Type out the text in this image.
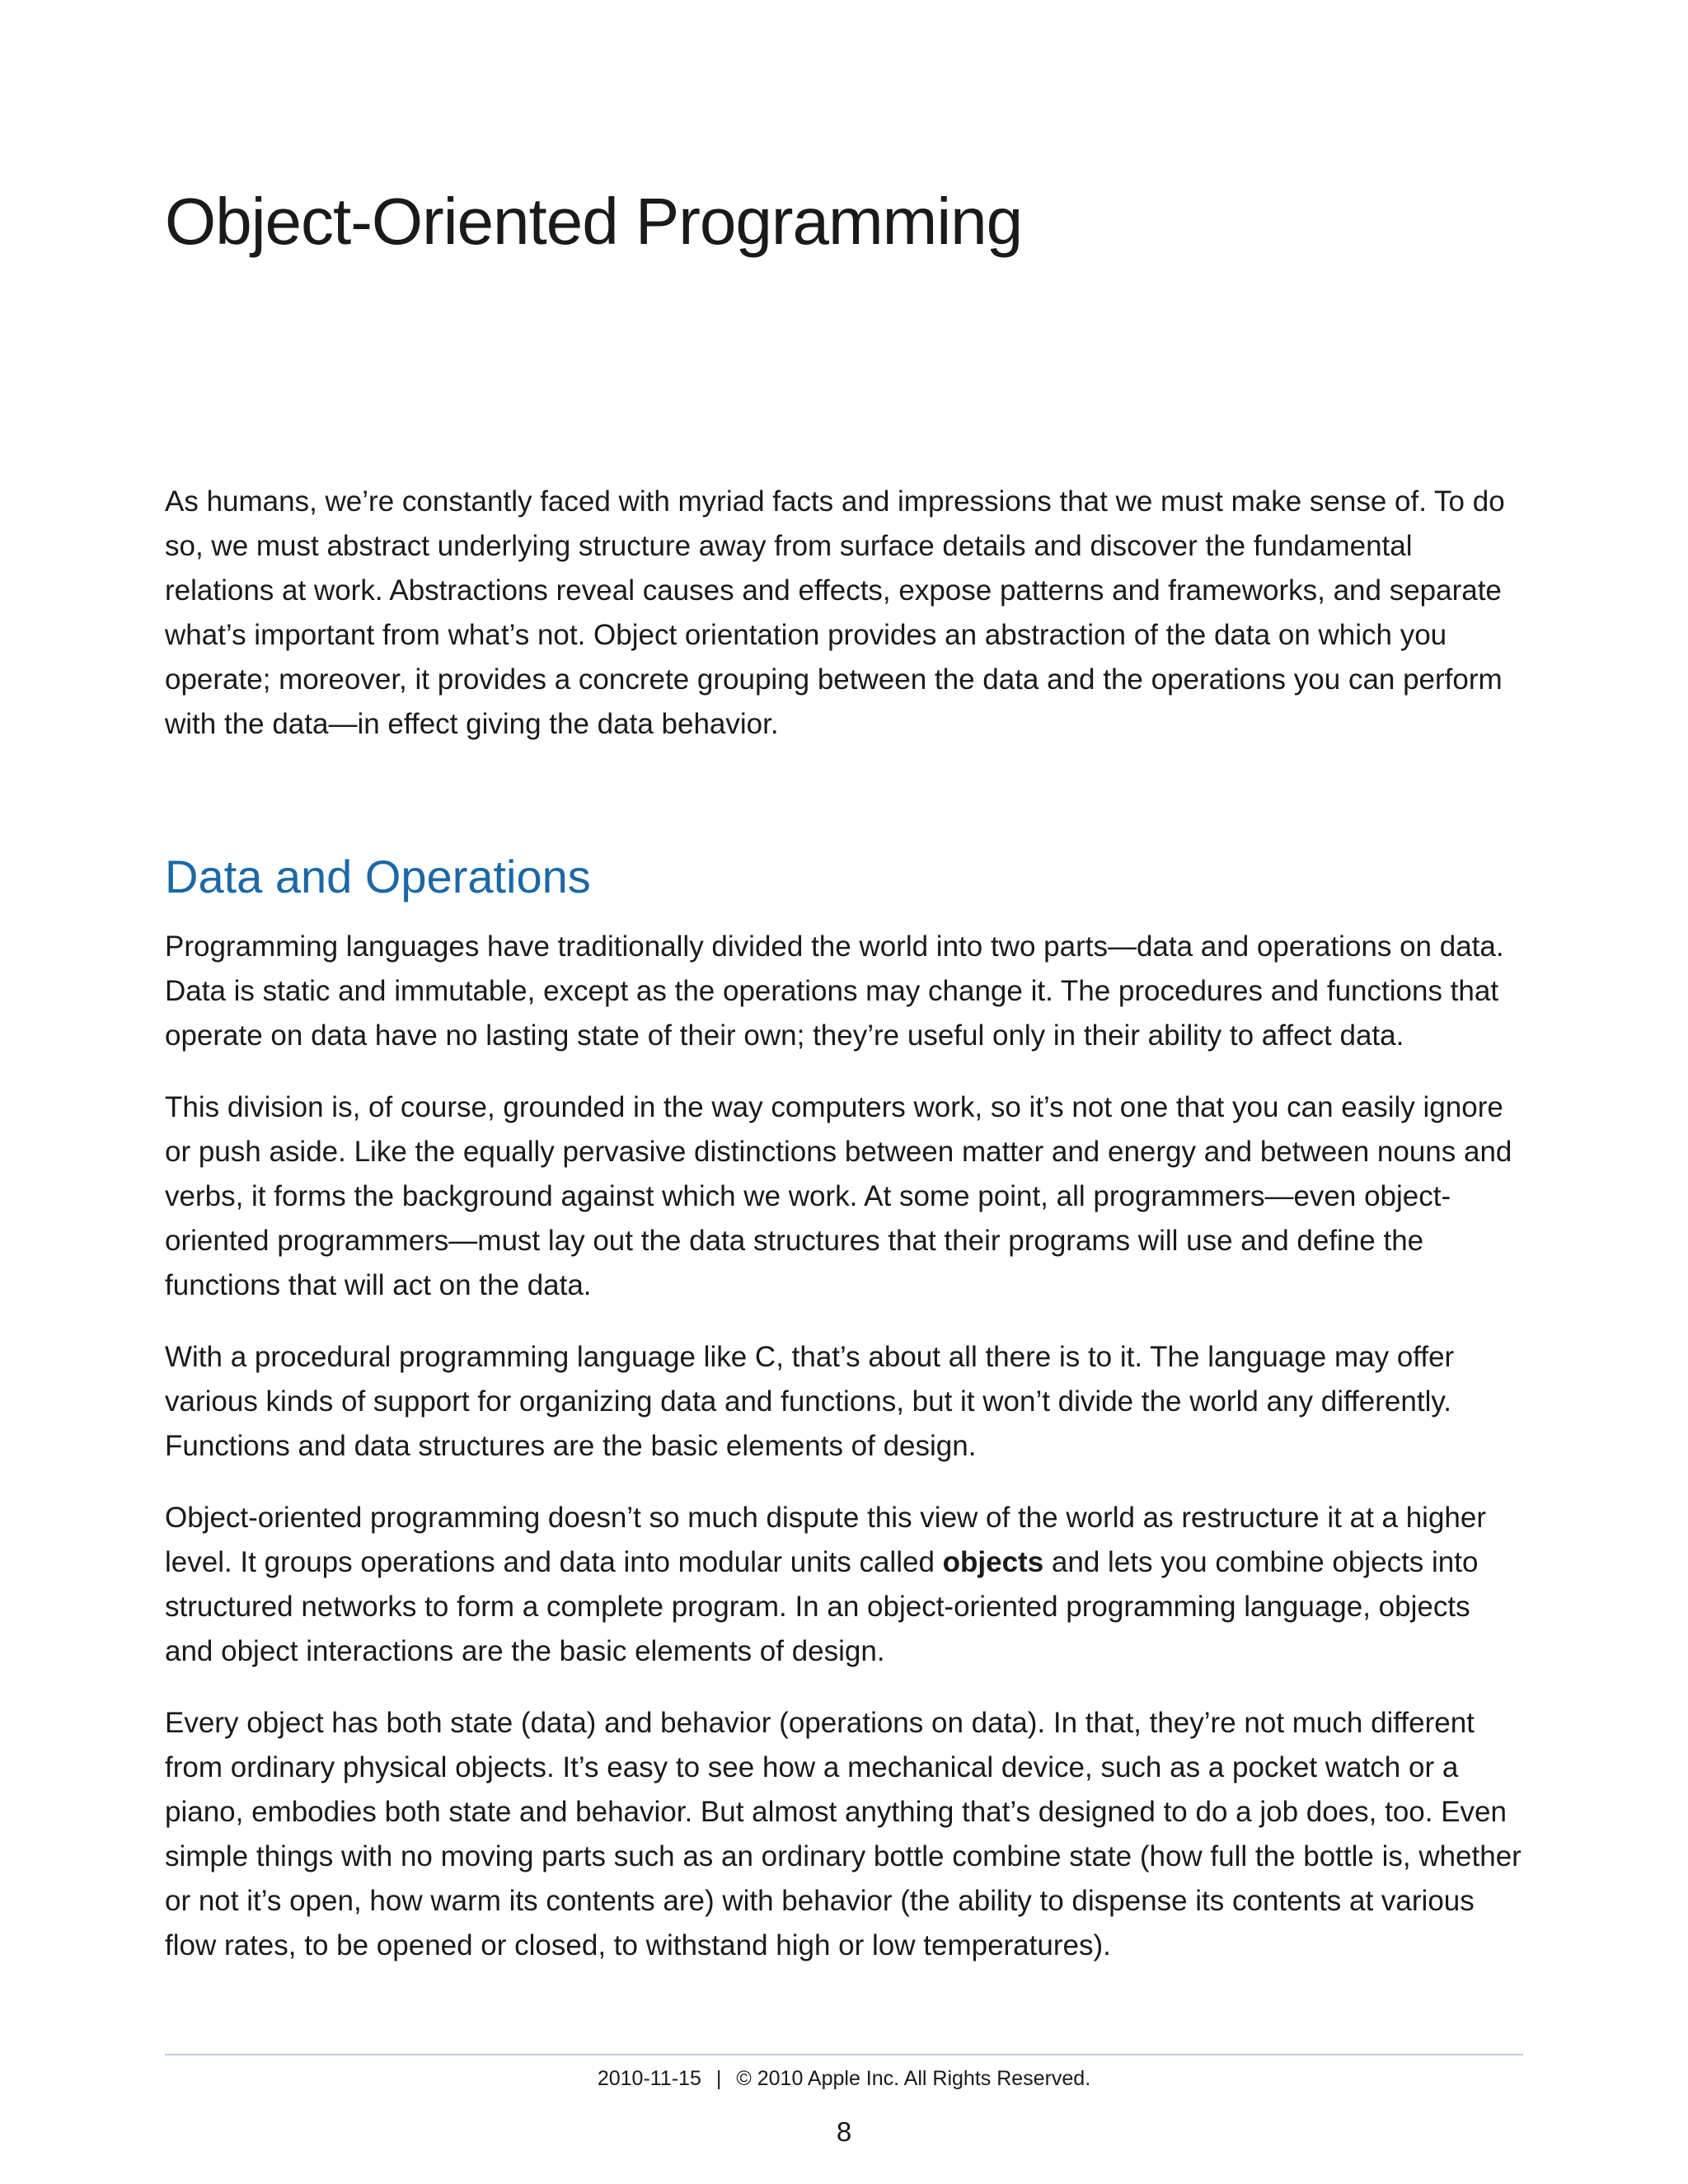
Object-Oriented Programming

As humans, we’re constantly faced with myriad facts and impressions that we must make sense of. To do so, we must abstract underlying structure away from surface details and discover the fundamental relations at work. Abstractions reveal causes and effects, expose patterns and frameworks, and separate what’s important from what’s not. Object orientation provides an abstraction of the data on which you operate; moreover, it provides a concrete grouping between the data and the operations you can perform with the data—in effect giving the data behavior.

Data and Operations

Programming languages have traditionally divided the world into two parts—data and operations on data. Data is static and immutable, except as the operations may change it. The procedures and functions that operate on data have no lasting state of their own; they’re useful only in their ability to affect data.

This division is, of course, grounded in the way computers work, so it’s not one that you can easily ignore or push aside. Like the equally pervasive distinctions between matter and energy and between nouns and verbs, it forms the background against which we work. At some point, all programmers—even object-oriented programmers—must lay out the data structures that their programs will use and define the functions that will act on the data.

With a procedural programming language like C, that’s about all there is to it. The language may offer various kinds of support for organizing data and functions, but it won’t divide the world any differently. Functions and data structures are the basic elements of design.

Object-oriented programming doesn’t so much dispute this view of the world as restructure it at a higher level. It groups operations and data into modular units called objects and lets you combine objects into structured networks to form a complete program. In an object-oriented programming language, objects and object interactions are the basic elements of design.

Every object has both state (data) and behavior (operations on data). In that, they’re not much different from ordinary physical objects. It’s easy to see how a mechanical device, such as a pocket watch or a piano, embodies both state and behavior. But almost anything that’s designed to do a job does, too. Even simple things with no moving parts such as an ordinary bottle combine state (how full the bottle is, whether or not it’s open, how warm its contents are) with behavior (the ability to dispense its contents at various flow rates, to be opened or closed, to withstand high or low temperatures).

2010-11-15 | © 2010 Apple Inc. All Rights Reserved.
8
